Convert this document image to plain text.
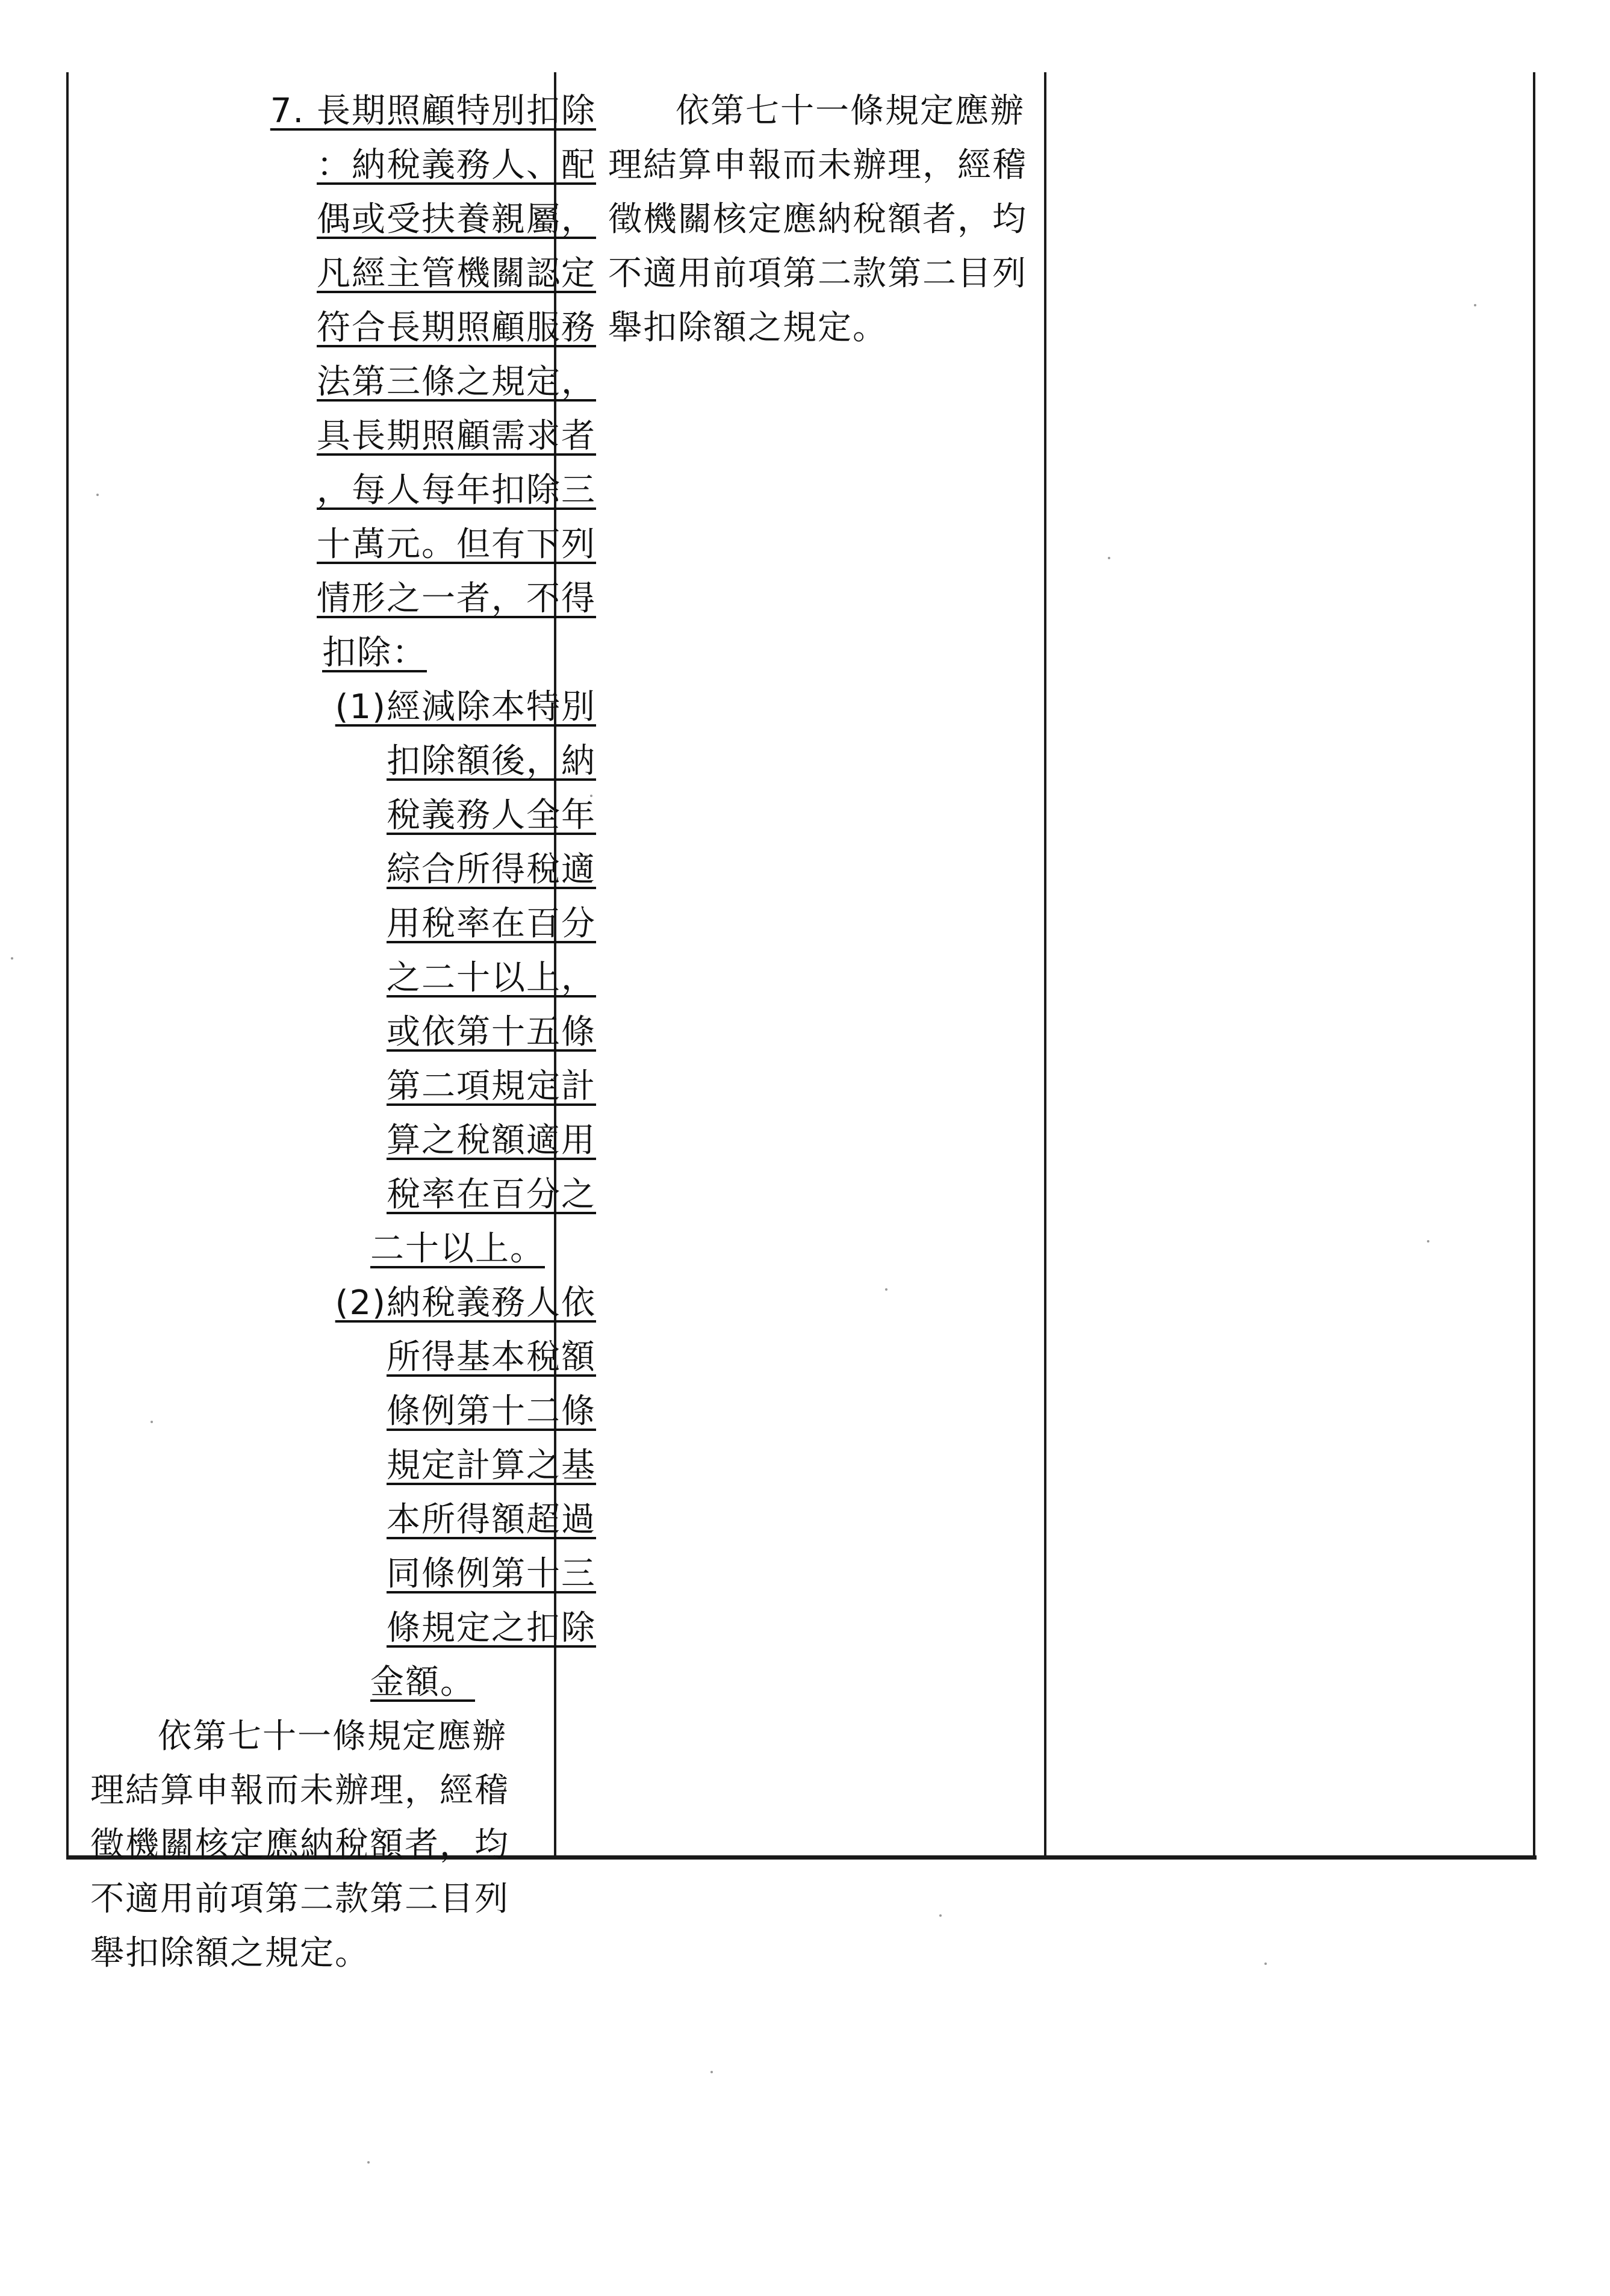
7. 長期照顧特別扣除
：納稅義務人、配
偶或受扶養親屬，
凡經主管機關認定
符合長期照顧服務
法第三條之規定，
具長期照顧需求者
，每人每年扣除三
十萬元。但有下列
情形之一者，不得
扣除：
(1)經減除本特別
扣除額後，納
稅義務人全年
綜合所得稅適
用稅率在百分
之二十以上，
或依第十五條
第二項規定計
算之稅額適用
稅率在百分之
二十以上。
(2)納稅義務人依
所得基本稅額
條例第十二條
規定計算之基
本所得額超過
同條例第十三
條規定之扣除
金額。
依第七十一條規定應辦
理結算申報而未辦理，經稽
徵機關核定應納稅額者，均
不適用前項第二款第二目列
舉扣除額之規定。
依第七十一條規定應辦
理結算申報而未辦理，經稽
徵機關核定應納稅額者，均
不適用前項第二款第二目列
舉扣除額之規定。
